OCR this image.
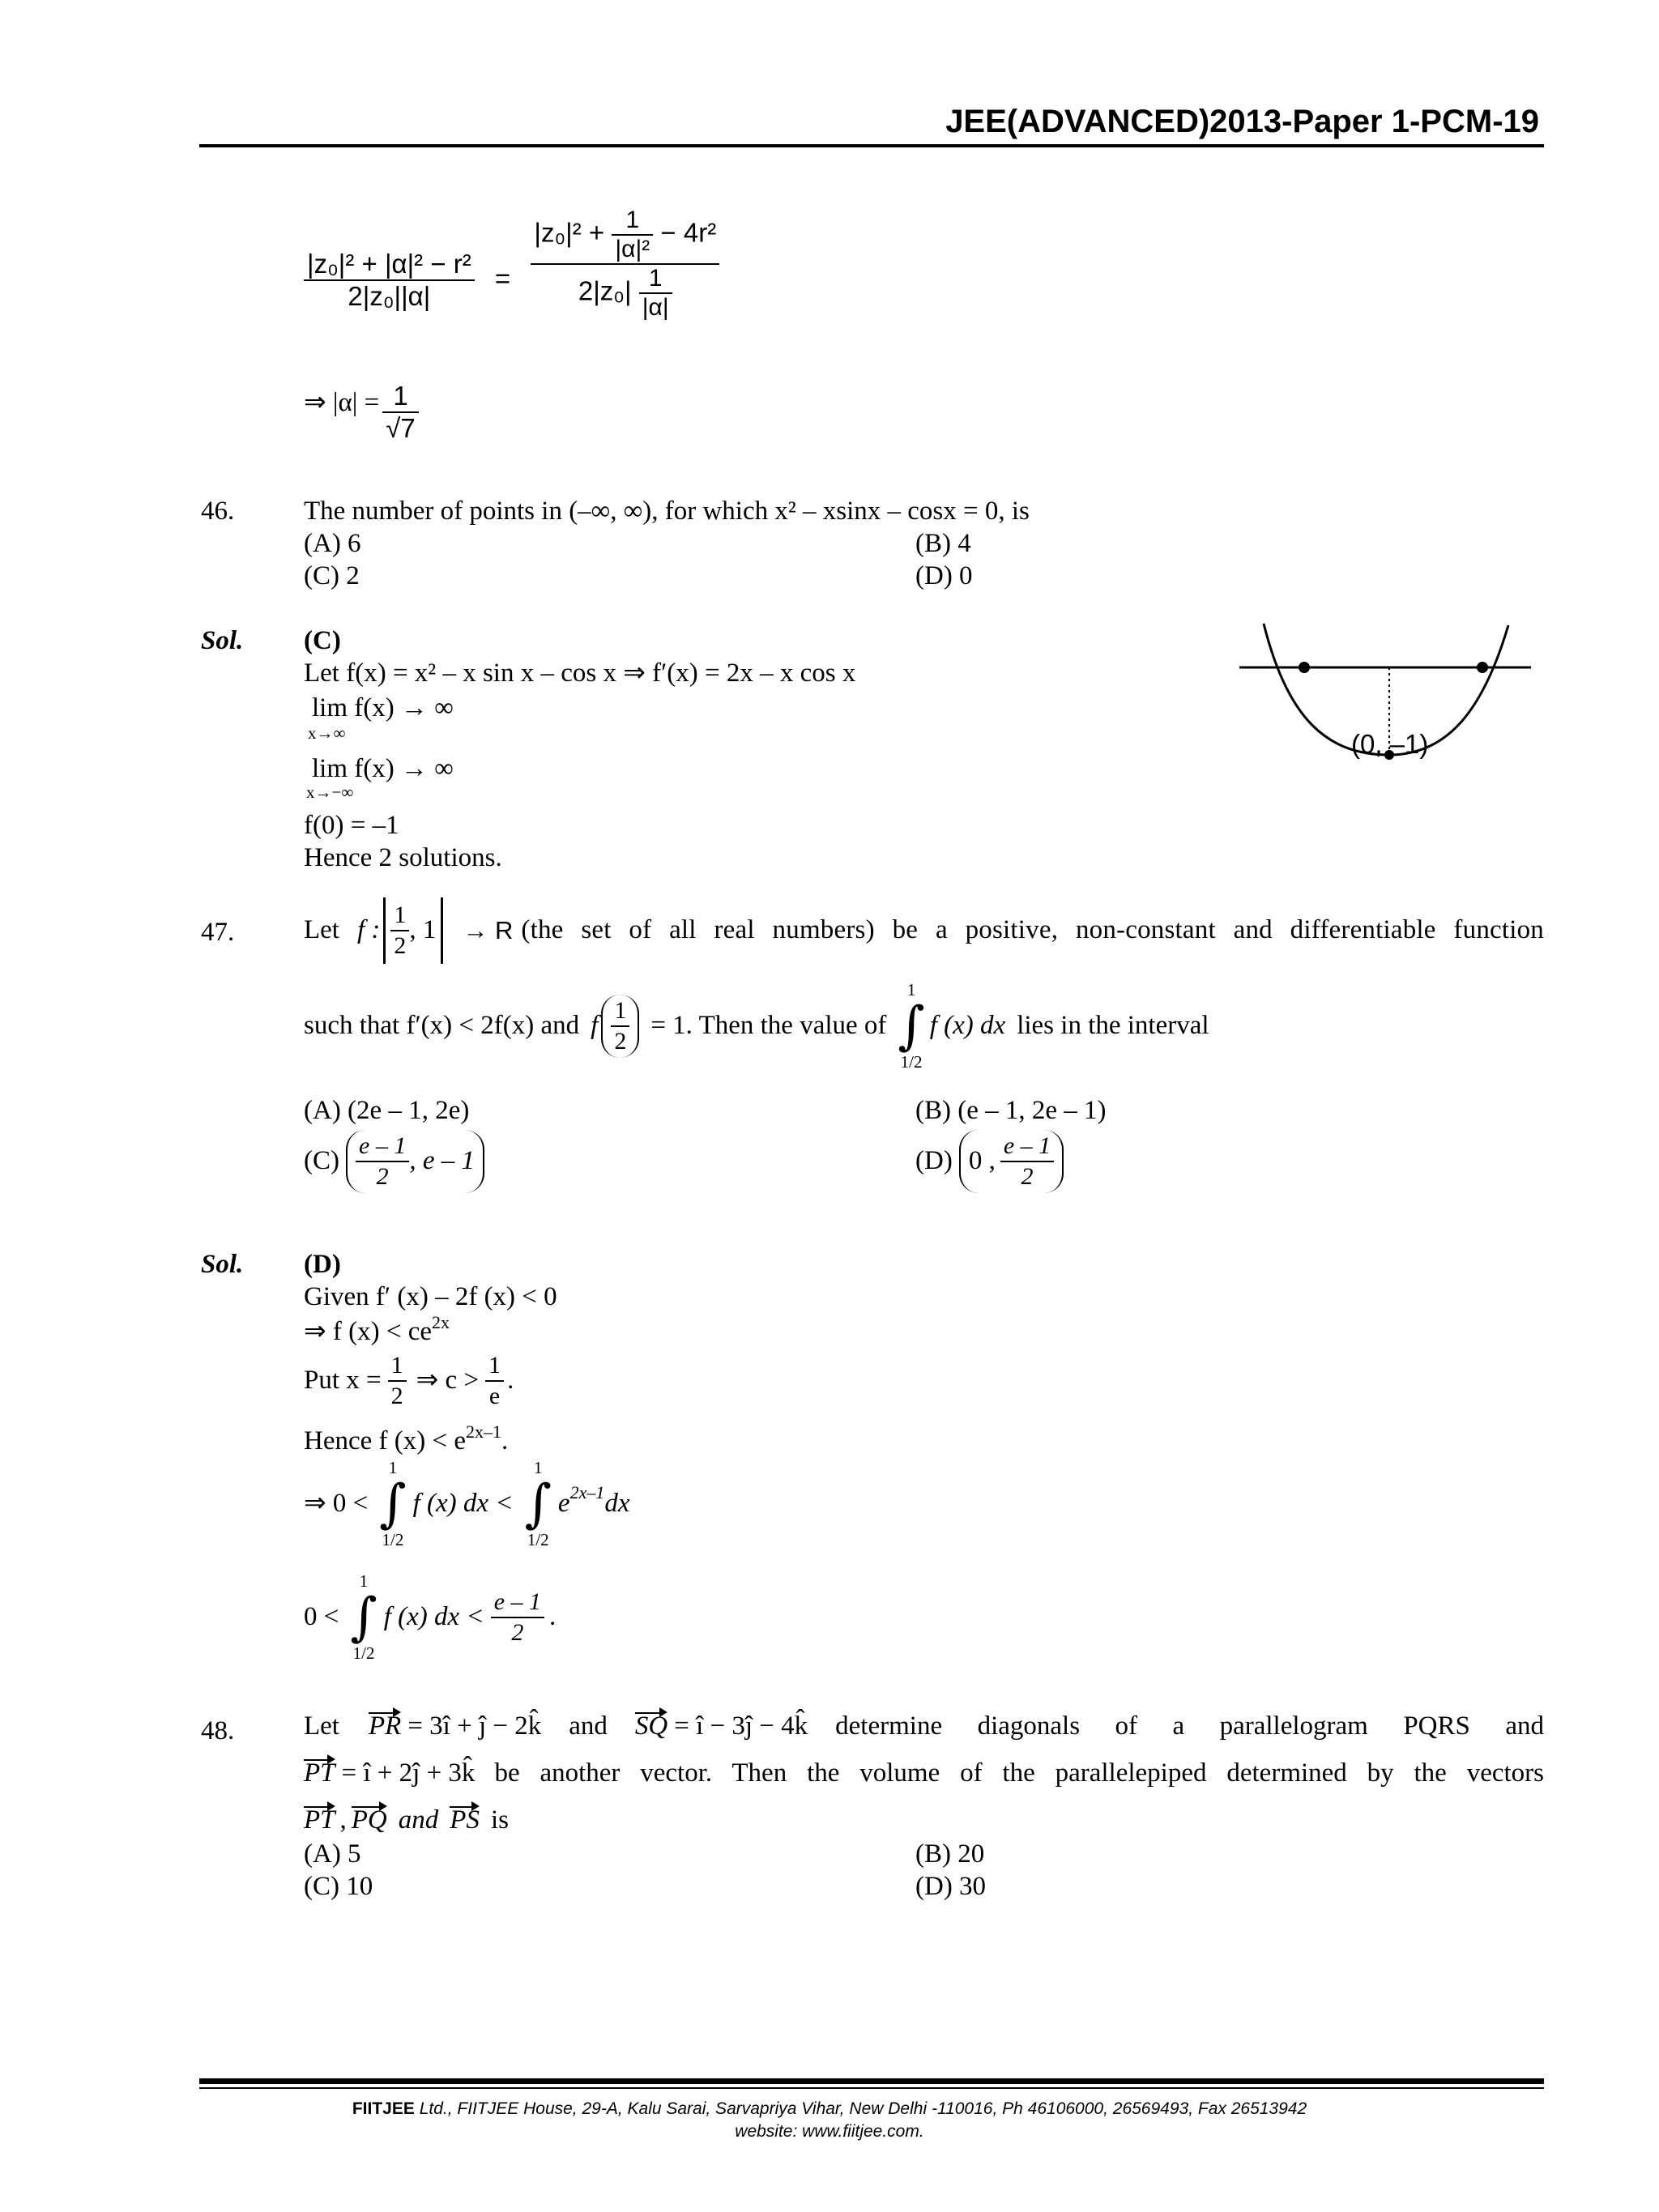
JEE(ADVANCED)2013-Paper 1-PCM-19
$\frac{\text{|z₀|² + |α|² − r²}}{\text{2|z₀||α|}} = \frac{|z_0|^2 + \frac{1}{\text{|α|²}} - 4r^2}{2|z_0| \frac{1}{|\alpha|}}$
⇒ $|\alpha| = \frac{1}{√7}$
46.	The number of points in (–∞, ∞), for which x² – xsinx – cosx = 0, is
(A) 6	(B) 4
(C) 2	(D) 0
Sol. (C)
Let f(x) = x² – x sin x – cos x ⇒ f′(x) = 2x – x cos x
lim f(x) → ∞
x→∞
lim f(x) → ∞
x→−∞
f(0) = –1
Hence 2 solutions.
(0, –1)
47.	Let f : $\frac{1}{2}$ , 1 → R (the set of all real numbers) be a positive, non-constant and differentiable function
such that f′(x) < 2f(x) and f $\frac{1}{2} = 1$. Then the value of
1
∫
1/2
f (x) dx lies in the interval
(A) (2e – 1, 2e)	(B) (e – 1, 2e – 1)
$(C) \frac{e - 1}{2}$ , e – 1	(D) 0 , $\frac{e - 1}{2}$
Sol. (D)
Given f′ (x) – 2f (x) < 0
⇒ f $(x) < ce^{2x}$
Put $x = \frac{1}{2}$ ⇒ $c > \frac{1}{e}$ .
Hence f $(x) < e^{2x-1}$.
⇒ 0 <
1
∫
1/2
f (x) dx <
1
∫
1/2
e 2x–1 dx
0 <
1
∫
1/2
f (x) dx < $\frac{e - 1}{2}$ .
48.	Let PR = 3î + ĵ − 2k̂ and SQ = î − 3ĵ − 4k̂ determine diagonals of a parallelogram PQRS and
PT = î + 2ĵ + 3k̂ be another vector. Then the volume of the parallelepiped determined by the vectors
PT , PQ and PS is
(A) 5	(B) 20
(C) 10	(D) 30
FIITJEE Ltd., FIITJEE House, 29-A, Kalu Sarai, Sarvapriya Vihar, New Delhi -110016, Ph 46106000, 26569493, Fax 26513942
website: www.fiitjee.com.
